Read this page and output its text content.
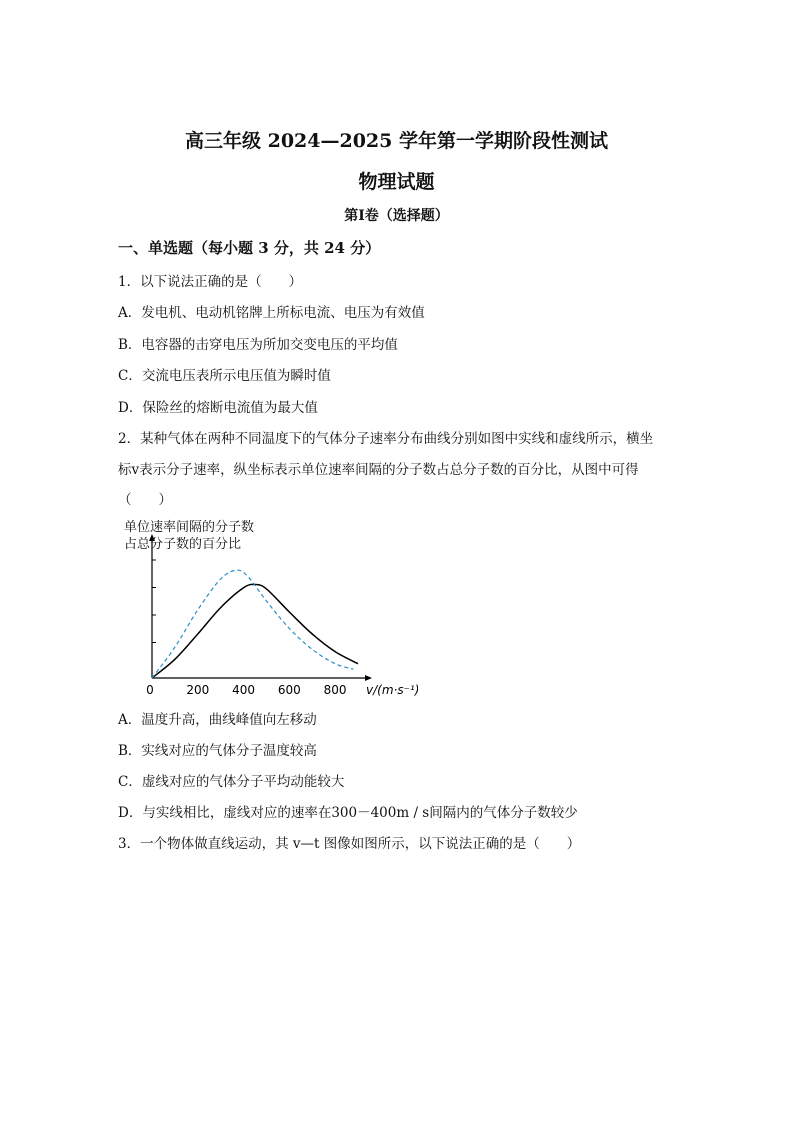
高三年级 2024—2025 学年第一学期阶段性测试
物理试题
第I卷（选择题）
一、单选题（每小题 3 分，共 24 分）
1．以下说法正确的是（　　）
A．发电机、电动机铭牌上所标电流、电压为有效值
B．电容器的击穿电压为所加交变电压的平均值
C．交流电压表所示电压值为瞬时值
D．保险丝的熔断电流值为最大值
2．某种气体在两种不同温度下的气体分子速率分布曲线分别如图中实线和虚线所示，横坐
标v表示分子速率，纵坐标表示单位速率间隔的分子数占总分子数的百分比，从图中可得
（　　）
单位速率间隔的分子数
占总分子数的百分比
0	200 400 600 800 v/(m·s⁻¹)
A．温度升高，曲线峰值向左移动
B．实线对应的气体分子温度较高
C．虚线对应的气体分子平均动能较大
D．与实线相比，虚线对应的速率在300－400m / s间隔内的气体分子数较少
3．一个物体做直线运动，其 v—t 图像如图所示，以下说法正确的是（　　）
